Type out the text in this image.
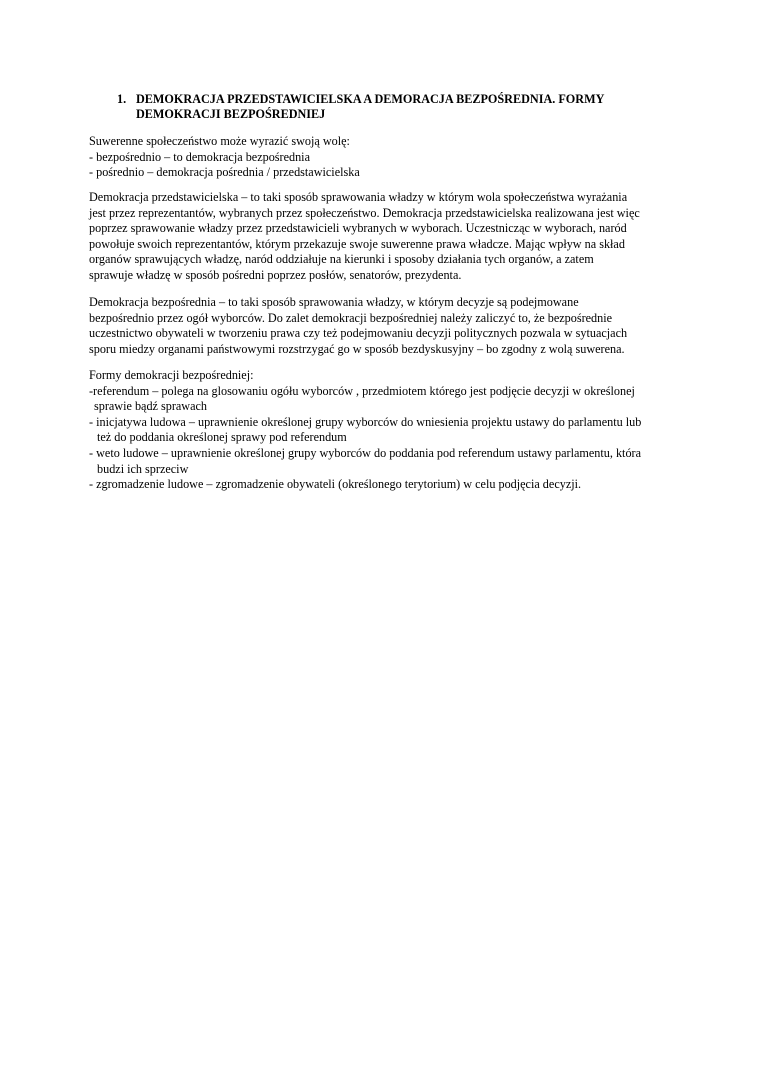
1. DEMOKRACJA PRZEDSTAWICIELSKA A DEMORACJA BEZPOŚREDNIA. FORMY DEMOKRACJI BEZPOŚREDNIEJ

Suwerenne społeczeństwo może wyrazić swoją wolę:

- bezpośrednio – to demokracja bezpośrednia

- pośrednio – demokracja pośrednia / przedstawicielska

Demokracja przedstawicielska – to taki sposób sprawowania władzy w którym wola społeczeństwa wyrażania

jest przez reprezentantów, wybranych przez społeczeństwo. Demokracja przedstawicielska realizowana jest więc

poprzez sprawowanie władzy przez przedstawicieli wybranych w wyborach. Uczestnicząc w wyborach, naród

powołuje swoich reprezentantów, którym przekazuje swoje suwerenne prawa władcze. Mając wpływ na skład

organów sprawujących władzę, naród oddziałuje na kierunki i sposoby działania tych organów, a zatem

sprawuje władzę w sposób pośredni poprzez posłów, senatorów, prezydenta.

Demokracja bezpośrednia – to taki sposób sprawowania władzy, w którym decyzje są podejmowane

bezpośrednio przez ogół wyborców. Do zalet demokracji bezpośredniej należy zaliczyć to, że bezpośrednie

uczestnictwo obywateli w tworzeniu prawa czy też podejmowaniu decyzji politycznych pozwala w sytuacjach

sporu miedzy organami państwowymi rozstrzygać go w sposób bezdyskusyjny – bo zgodny z wolą suwerena.

Formy demokracji bezpośredniej:

-referendum – polega na glosowaniu ogółu wyborców , przedmiotem którego jest podjęcie decyzji w określonej

sprawie bądź sprawach

- inicjatywa ludowa – uprawnienie określonej grupy wyborców do wniesienia projektu ustawy do parlamentu lub

też do poddania określonej sprawy pod referendum

- weto ludowe – uprawnienie określonej grupy wyborców do poddania pod referendum ustawy parlamentu, która

budzi ich sprzeciw

- zgromadzenie ludowe – zgromadzenie obywateli (określonego terytorium) w celu podjęcia decyzji.
